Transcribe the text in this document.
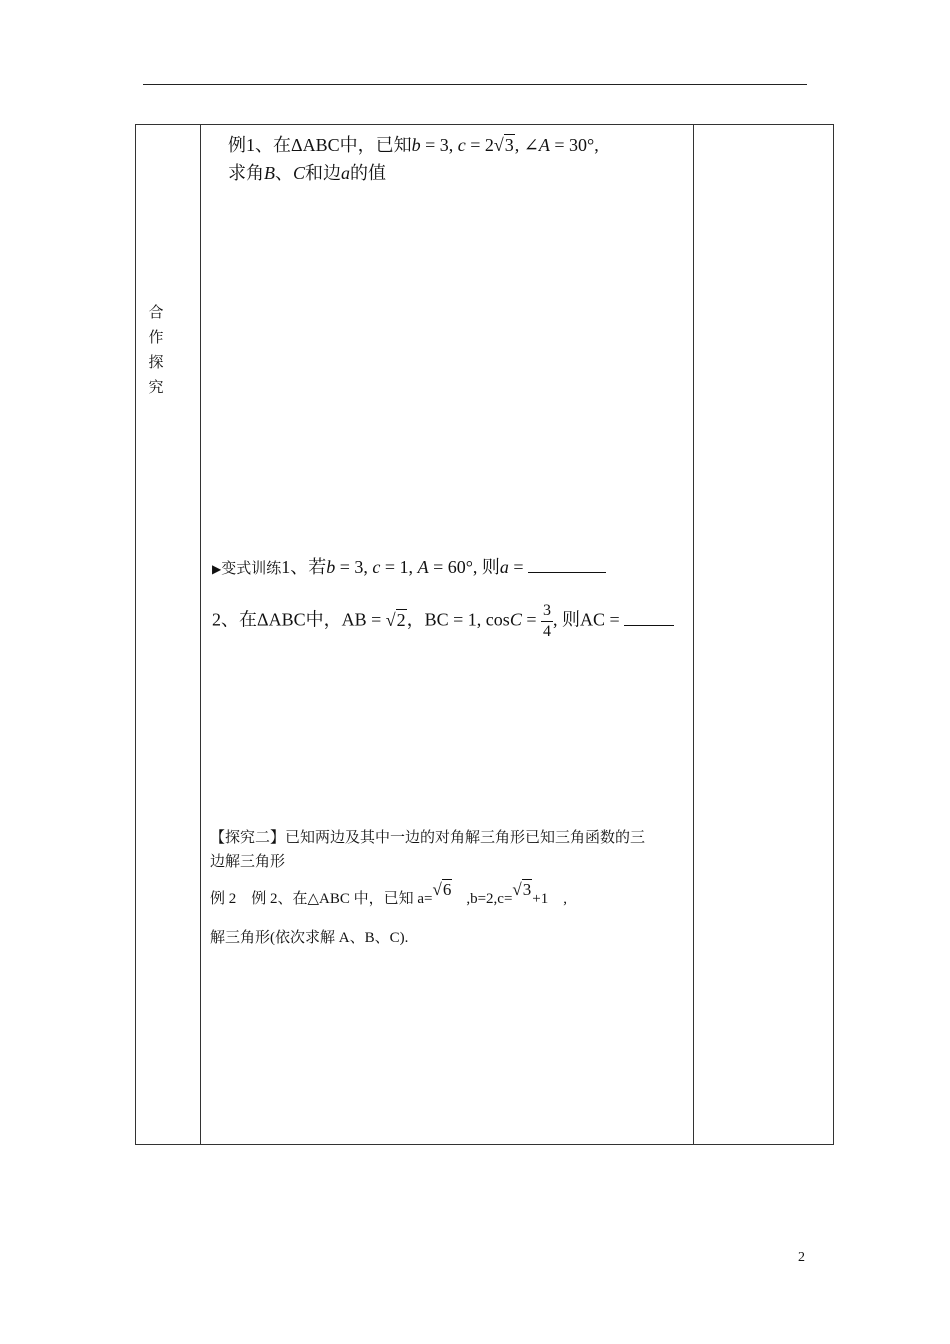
合
作
探
究
例1、在ΔABC中，已知b = 3, c = 2√3, ∠A = 30°,
求角B、C和边a的值
▶变式训练1、若b = 3, c = 1, A = 60°, 则a =
2、在ΔABC中，AB = √2，BC = 1, $\cos C = \frac{3}{4}$ , 则AC =
【探究二】已知两边及其中一边的对角解三角形已知三角函数的三
边解三角形
例 2　例 2、在△ABC 中，已知 a=√6 ,b=2,c=√3+1　,
解三角形(依次求解 A、B、C).
2
